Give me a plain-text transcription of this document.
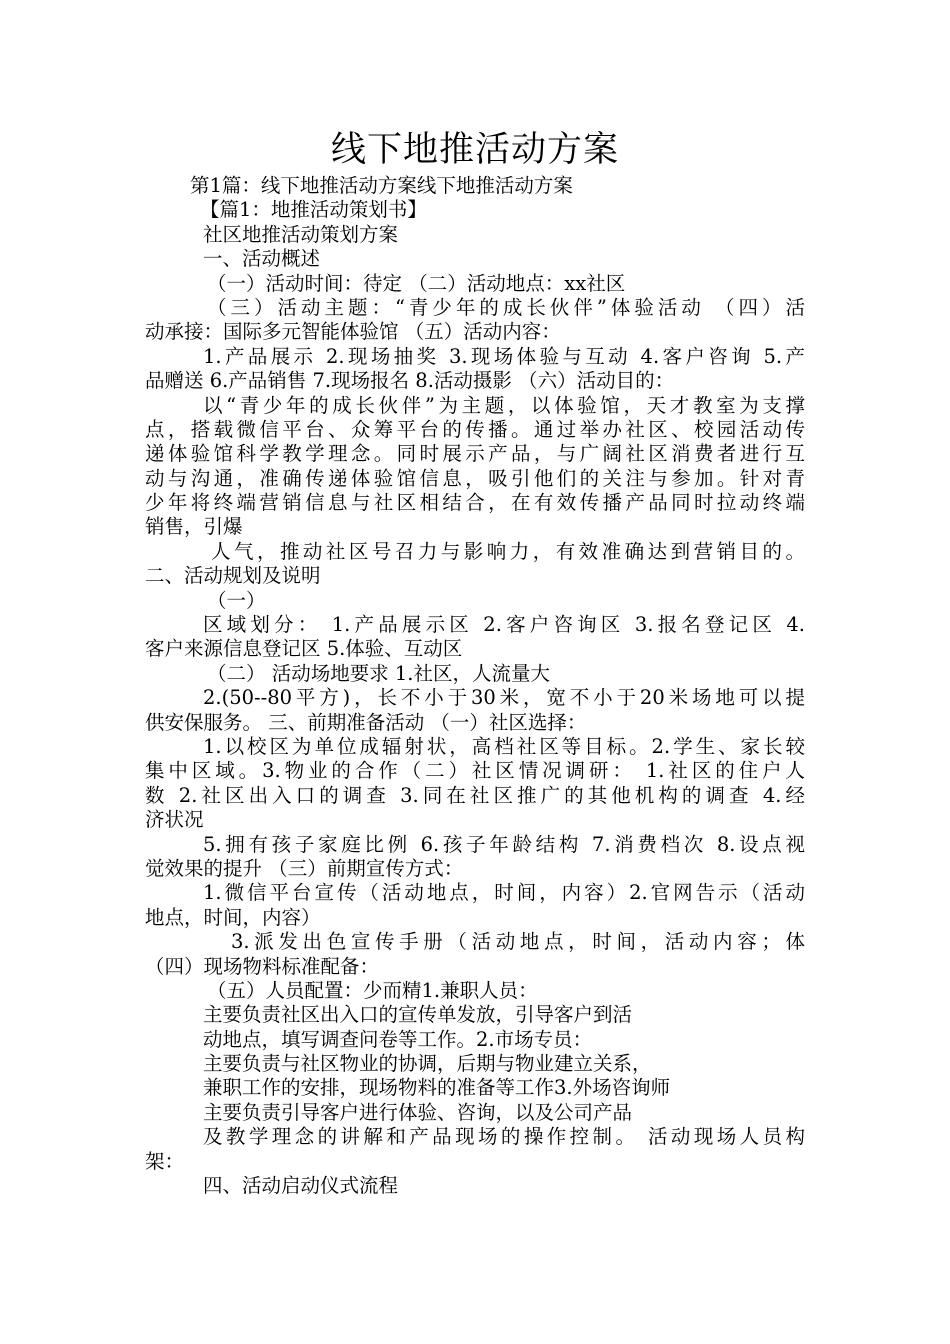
线下地推活动方案
第1篇：线下地推活动方案线下地推活动方案
【篇1：地推活动策划书】
社区地推活动策划方案
一、活动概述
（一）活动时间：待定 （二）活动地点：xx社区
（三）活动主题：“青少年的成长伙伴”体验活动 （四）活
动承接：国际多元智能体验馆 （五）活动内容：
1.产品展示 2.现场抽奖 3.现场体验与互动 4.客户咨询 5.产
品赠送 6.产品销售 7.现场报名 8.活动摄影 （六）活动目的：
以“青少年的成长伙伴”为主题，以体验馆，天才教室为支撑
点，搭载微信平台、众筹平台的传播。通过举办社区、校园活动传
递体验馆科学教学理念。同时展示产品，与广阔社区消费者进行互
动与沟通，准确传递体验馆信息，吸引他们的关注与参加。针对青
少年将终端营销信息与社区相结合，在有效传播产品同时拉动终端
销售，引爆
人气，推动社区号召力与影响力，有效准确达到营销目的。
二、活动规划及说明
（一）
区域划分： 1.产品展示区 2.客户咨询区 3.报名登记区 4.
客户来源信息登记区 5.体验、互动区
（二） 活动场地要求 1.社区，人流量大
2.(50--80平方)，长不小于30米，宽不小于20米场地可以提
供安保服务。 三、前期准备活动 （一）社区选择：
1.以校区为单位成辐射状，高档社区等目标。2.学生、家长较
集中区域。3.物业的合作（二）社区情况调研： 1.社区的住户人
数 2.社区出入口的调查 3.同在社区推广的其他机构的调查 4.经
济状况
5.拥有孩子家庭比例 6.孩子年龄结构 7.消费档次 8.设点视
觉效果的提升 （三）前期宣传方式：
1.微信平台宣传（活动地点，时间，内容）2.官网告示（活动
地点，时间，内容）
3.派发出色宣传手册（活动地点，时间，活动内容；体
（四）现场物料标准配备：
（五）人员配置：少而精1.兼职人员：
主要负责社区出入口的宣传单发放，引导客户到活
动地点，填写调查问卷等工作。2.市场专员：
主要负责与社区物业的协调，后期与物业建立关系，
兼职工作的安排，现场物料的准备等工作3.外场咨询师
主要负责引导客户进行体验、咨询，以及公司产品
及教学理念的讲解和产品现场的操作控制。 活动现场人员构
架：
四、活动启动仪式流程
